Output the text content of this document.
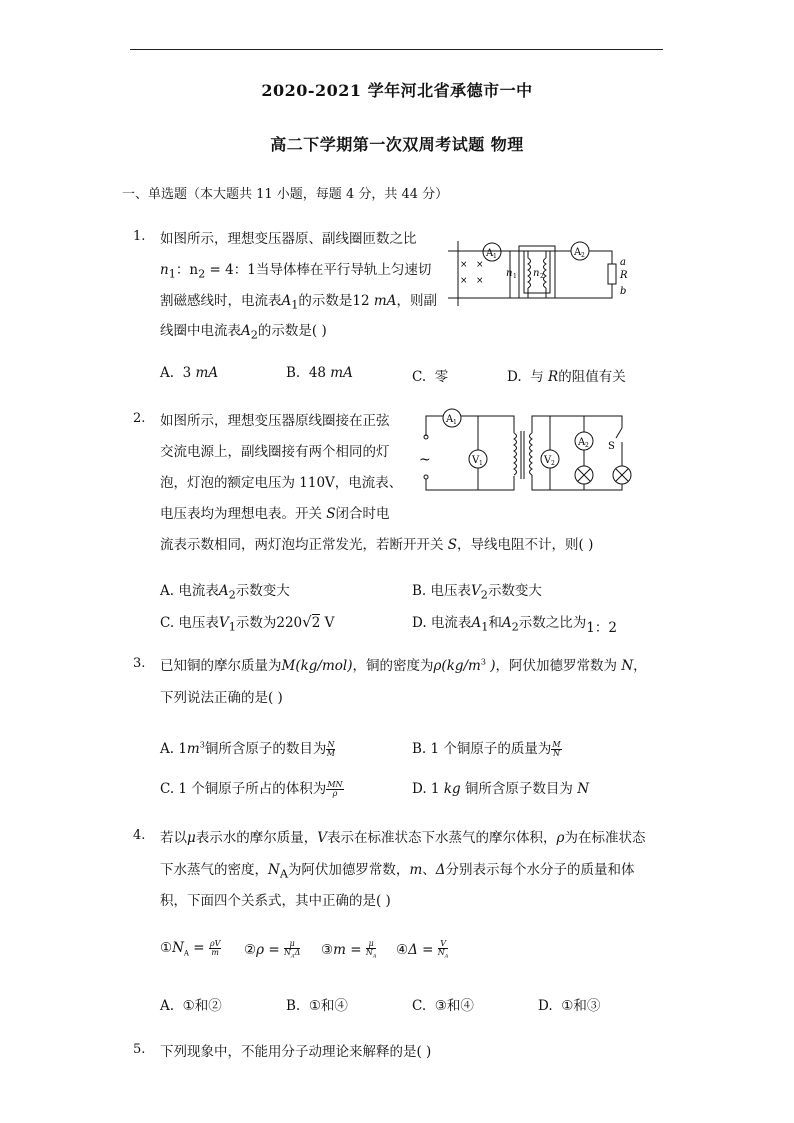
2020-2021 学年河北省承德市一中
高二下学期第一次双周考试题 物理
一、单选题（本大题共 11 小题，每题 4 分，共 44 分）
1. 如图所示，理想变压器原、副线圈匝数之比
$n_1$：$n_2 = 4$：1当导体棒在平行导轨上匀速切
割磁感线时，电流表$A_1$的示数是12 mA，则副
线圈中电流表$A_2$的示数是( )
A 1	A 2
n 1 n 2
a
R
b
× ×
× ×
A. 3 mA	B. 48 mA	C. 零	D. 与 R的阻值有关
2. 如图所示，理想变压器原线圈接在正弦
交流电源上，副线圈接有两个相同的灯
泡，灯泡的额定电压为 110V，电流表、
电压表均为理想电表。开关 S闭合时电
流表示数相同，两灯泡均正常发光，若断开开关 S，导线电阻不计，则( )
A 1
V 1	V 2
A 2 S
~
A. 电流表$A_2$示数变大	B. 电压表$V_2$示数变大
C. 电压表$V_1$示数为220√2 V	D. 电流表$A_1$和$A_2$示数之比为1：2
3. 已知铜的摩尔质量为M(kg/mol)，铜的密度为$\rho(kg/m^3$ )，阿伏加德罗常数为 N，
下列说法正确的是( )
A. $1m^3$铜所含原子的数目为 $\frac{N}{M}$	B. 1 个铜原子的质量为 $\frac{M}{N}$
C. 1 个铜原子所占的体积为 $\frac{MN}{\rho}$	D. 1 kg 铜所含原子数目为 N
4. 若以μ表示水的摩尔质量，V表示在标准状态下水蒸气的摩尔体积，ρ为在标准状态
下水蒸气的密度，$N_A$为阿伏加德罗常数，m、Δ分别表示每个水分子的质量和体
积，下面四个关系式，其中正确的是( )
$①N_A = \frac{\rho V}{m}$ ②ρ = $\frac{\mu}{N_A\Delta}$ ③m = $\frac{\mu}{N_A}$ ④Δ = $\frac{V}{N_A}$
A. ①和②	B. ①和④	C. ③和④	D. ①和③
5. 下列现象中，不能用分子动理论来解释的是( )
